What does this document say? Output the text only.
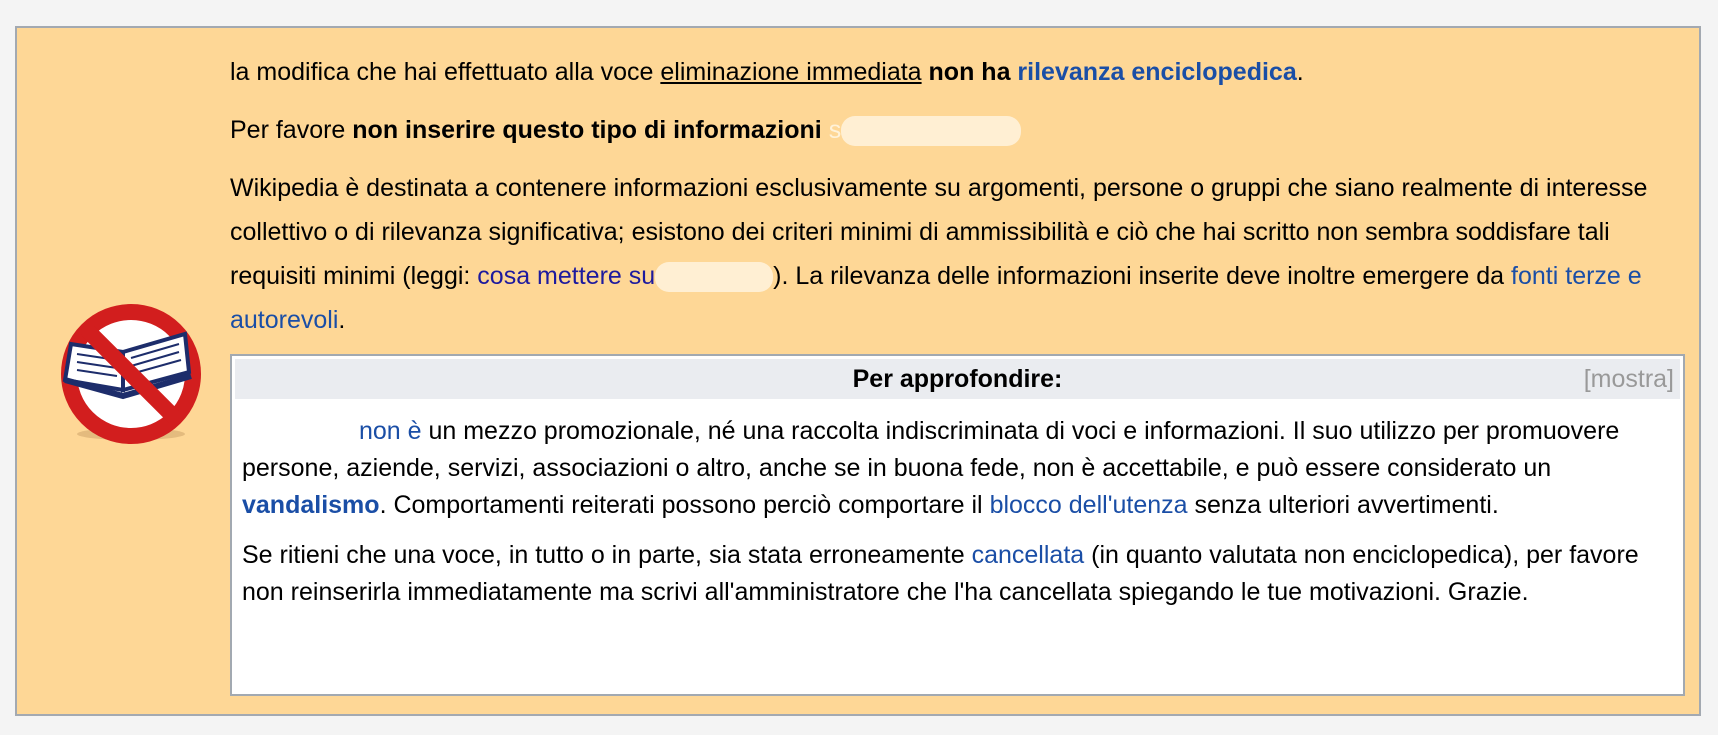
la modifica che hai effettuato alla voce eliminazione immediata non ha rilevanza enciclopedica.

Per favore non inserire questo tipo di informazioni s

Wikipedia è destinata a contenere informazioni esclusivamente su argomenti, persone o gruppi che siano realmente di interesse collettivo o di rilevanza significativa; esistono dei criteri minimi di ammissibilità e ciò che hai scritto non sembra soddisfare tali requisiti minimi (leggi: cosa mettere su	). La rilevanza delle informazioni inserite deve inoltre emergere da fonti terze e autorevoli.

Per approfondire:	[mostra]

non è un mezzo promozionale, né una raccolta indiscriminata di voci e informazioni. Il suo utilizzo per promuovere persone, aziende, servizi, associazioni o altro, anche se in buona fede, non è accettabile, e può essere considerato un vandalismo. Comportamenti reiterati possono perciò comportare il blocco dell'utenza senza ulteriori avvertimenti.

Se ritieni che una voce, in tutto o in parte, sia stata erroneamente cancellata (in quanto valutata non enciclopedica), per favore non reinserirla immediatamente ma scrivi all'amministratore che l'ha cancellata spiegando le tue motivazioni. Grazie.
